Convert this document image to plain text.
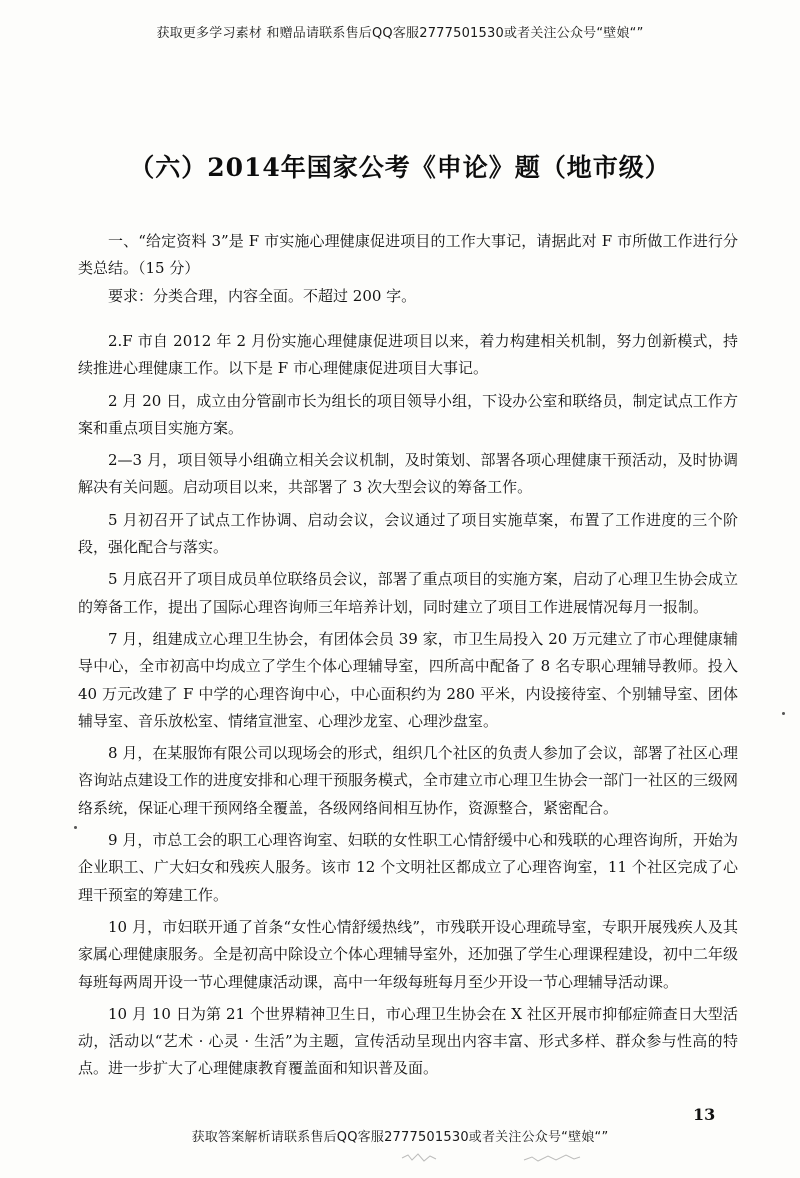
获取更多学习素材 和赠品请联系售后QQ客服2777501530或者关注公众号“壁娘“”
（六）2014年国家公考《申论》题（地市级）

一、“给定资料 3”是 F 市实施心理健康促进项目的工作大事记，请据此对 F 市所做工作进行分类总结。（15 分）

要求：分类合理，内容全面。不超过 200 字。

2.F 市自 2012 年 2 月份实施心理健康促进项目以来，着力构建相关机制，努力创新模式，持续推进心理健康工作。以下是 F 市心理健康促进项目大事记。

2 月 20 日，成立由分管副市长为组长的项目领导小组，下设办公室和联络员，制定试点工作方案和重点项目实施方案。

2—3 月，项目领导小组确立相关会议机制，及时策划、部署各项心理健康干预活动，及时协调解决有关问题。启动项目以来，共部署了 3 次大型会议的筹备工作。

5 月初召开了试点工作协调、启动会议，会议通过了项目实施草案，布置了工作进度的三个阶段，强化配合与落实。

5 月底召开了项目成员单位联络员会议，部署了重点项目的实施方案，启动了心理卫生协会成立的筹备工作，提出了国际心理咨询师三年培养计划，同时建立了项目工作进展情况每月一报制。

7 月，组建成立心理卫生协会，有团体会员 39 家，市卫生局投入 20 万元建立了市心理健康辅导中心，全市初高中均成立了学生个体心理辅导室，四所高中配备了 8 名专职心理辅导教师。投入 40 万元改建了 F 中学的心理咨询中心，中心面积约为 280 平米，内设接待室、个别辅导室、团体辅导室、音乐放松室、情绪宣泄室、心理沙龙室、心理沙盘室。

8 月，在某服饰有限公司以现场会的形式，组织几个社区的负责人参加了会议，部署了社区心理咨询站点建设工作的进度安排和心理干预服务模式，全市建立市心理卫生协会一部门一社区的三级网络系统，保证心理干预网络全覆盖，各级网络间相互协作，资源整合，紧密配合。

9 月，市总工会的职工心理咨询室、妇联的女性职工心情舒缓中心和残联的心理咨询所，开始为企业职工、广大妇女和残疾人服务。该市 12 个文明社区都成立了心理咨询室，11 个社区完成了心理干预室的筹建工作。

10 月，市妇联开通了首条“女性心情舒缓热线”，市残联开设心理疏导室，专职开展残疾人及其家属心理健康服务。全是初高中除设立个体心理辅导室外，还加强了学生心理课程建设，初中二年级每班每两周开设一节心理健康活动课，高中一年级每班每月至少开设一节心理辅导活动课。

10 月 10 日为第 21 个世界精神卫生日，市心理卫生协会在 X 社区开展市抑郁症筛查日大型活动，活动以“艺术 · 心灵 · 生活”为主题，宣传活动呈现出内容丰富、形式多样、群众参与性高的特点。进一步扩大了心理健康教育覆盖面和知识普及面。

13
获取答案解析请联系售后QQ客服2777501530或者关注公众号“壁娘“”
